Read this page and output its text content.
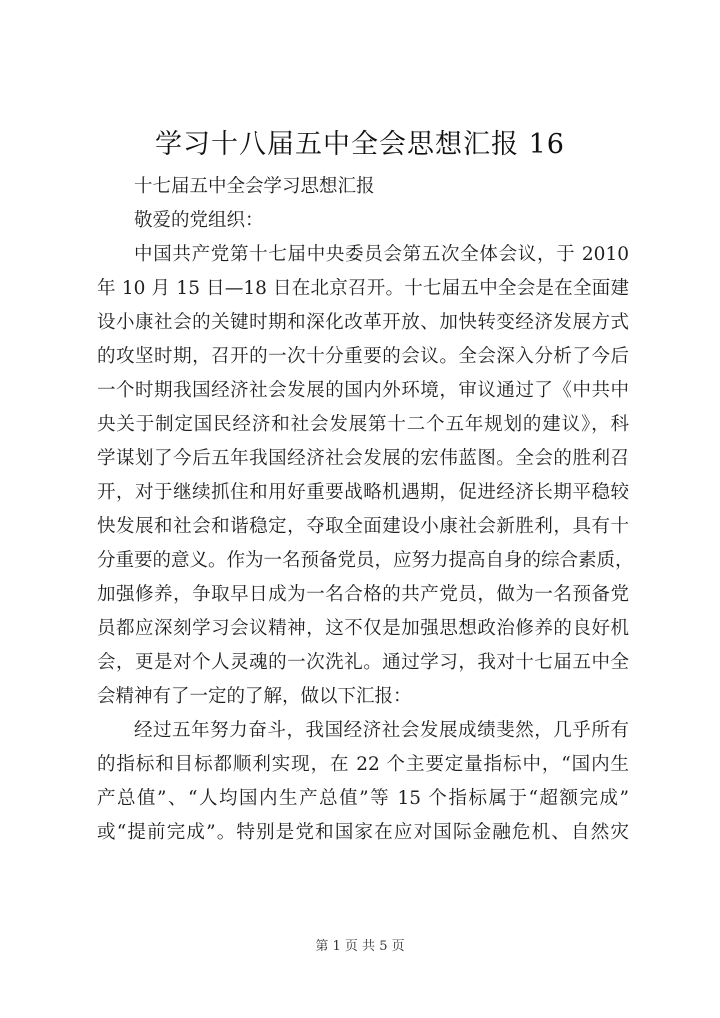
学习十八届五中全会思想汇报 16
十七届五中全会学习思想汇报
敬爱的党组织：
中国共产党第十七届中央委员会第五次全体会议，于 2010
年 10 月 15 日—18 日在北京召开。十七届五中全会是在全面建
设小康社会的关键时期和深化改革开放、加快转变经济发展方式
的攻坚时期，召开的一次十分重要的会议。全会深入分析了今后
一个时期我国经济社会发展的国内外环境，审议通过了《中共中
央关于制定国民经济和社会发展第十二个五年规划的建议》，科
学谋划了今后五年我国经济社会发展的宏伟蓝图。全会的胜利召
开，对于继续抓住和用好重要战略机遇期，促进经济长期平稳较
快发展和社会和谐稳定，夺取全面建设小康社会新胜利，具有十
分重要的意义。作为一名预备党员，应努力提高自身的综合素质，
加强修养，争取早日成为一名合格的共产党员，做为一名预备党
员都应深刻学习会议精神，这不仅是加强思想政治修养的良好机
会，更是对个人灵魂的一次洗礼。通过学习，我对十七届五中全
会精神有了一定的了解，做以下汇报：
经过五年努力奋斗，我国经济社会发展成绩斐然，几乎所有
的指标和目标都顺利实现，在 22 个主要定量指标中，“国内生
产总值”、“人均国内生产总值”等 15 个指标属于“超额完成”
或“提前完成”。特别是党和国家在应对国际金融危机、自然灾
第 1 页 共 5 页
